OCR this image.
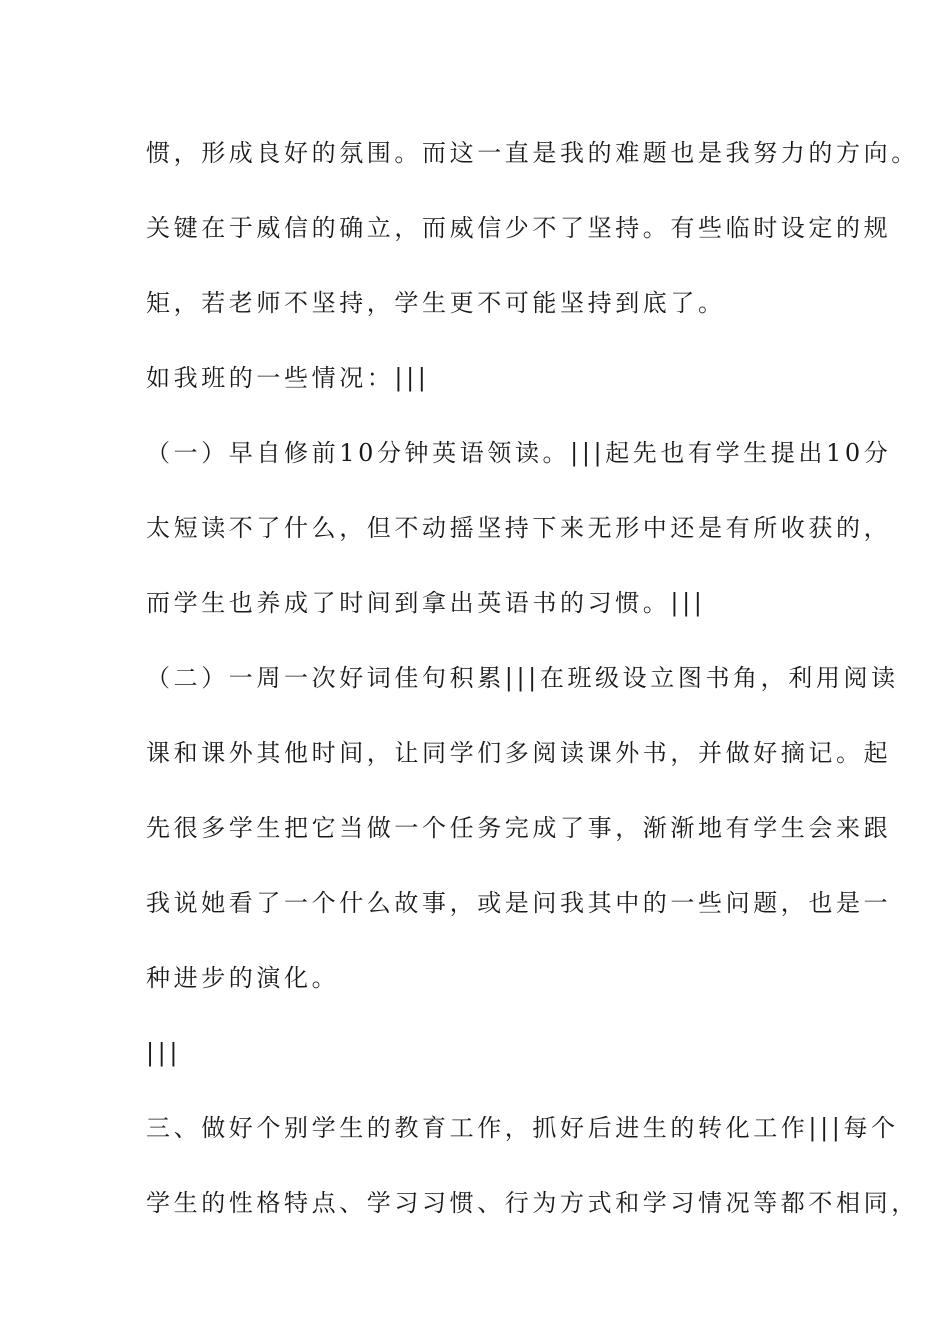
惯，形成良好的氛围。而这一直是我的难题也是我努力的方向。
关键在于威信的确立，而威信少不了坚持。有些临时设定的规
矩，若老师不坚持，学生更不可能坚持到底了。
如我班的一些情况：|||
（一）早自修前10分钟英语领读。|||起先也有学生提出10分
太短读不了什么，但不动摇坚持下来无形中还是有所收获的，
而学生也养成了时间到拿出英语书的习惯。|||
（二）一周一次好词佳句积累|||在班级设立图书角，利用阅读
课和课外其他时间，让同学们多阅读课外书，并做好摘记。起
先很多学生把它当做一个任务完成了事，渐渐地有学生会来跟
我说她看了一个什么故事，或是问我其中的一些问题，也是一
种进步的演化。
|||
三、做好个别学生的教育工作，抓好后进生的转化工作|||每个
学生的性格特点、学习习惯、行为方式和学习情况等都不相同，
